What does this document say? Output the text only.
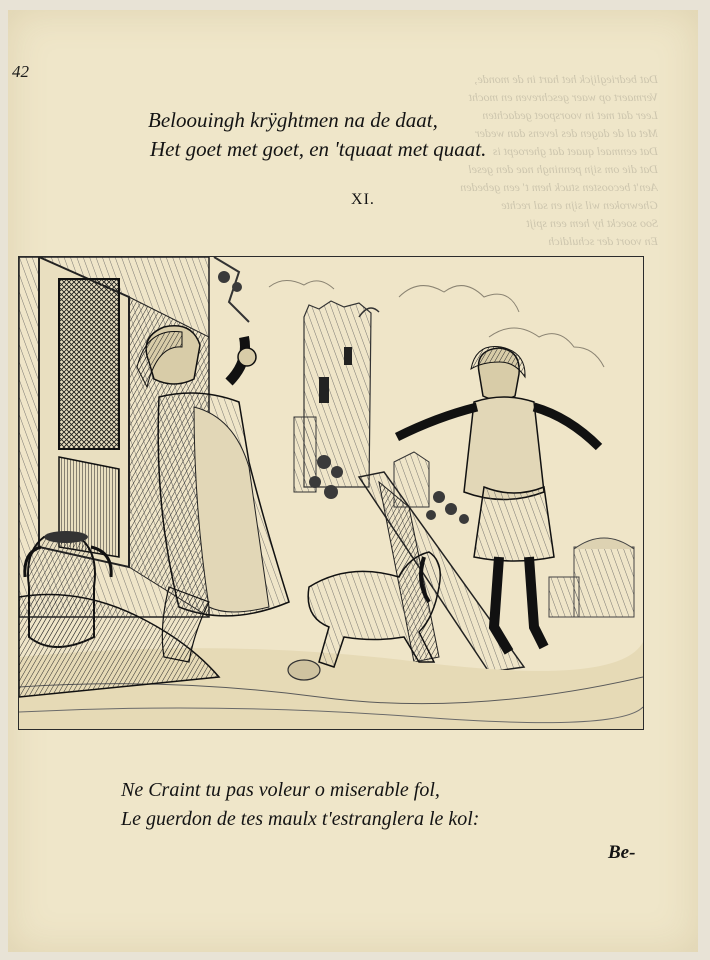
Dat bedrieglijck het hart in de monde,
Vermaert op waer geschreven en mocht
Leer dat met in voorspoet gedachten
Met al de dagen des levens dan weder
Dat eenmael quaet dat gheroept is
Dat die om sijn penningh nae den gesel
Aen't becoosten stuck hem t' een gebeden
Ghewroken wil sijn en sal rechte
Soo soeckt hy hem een spijt
En voort der schuldich
42
Beloouingh krÿghtmen na de daat,
Het goet met goet, en 'tquaat met quaat.
XI.
Ne Craint tu pas voleur o miserable fol,
Le guerdon de tes maulx t'estranglera le kol:
Be-
